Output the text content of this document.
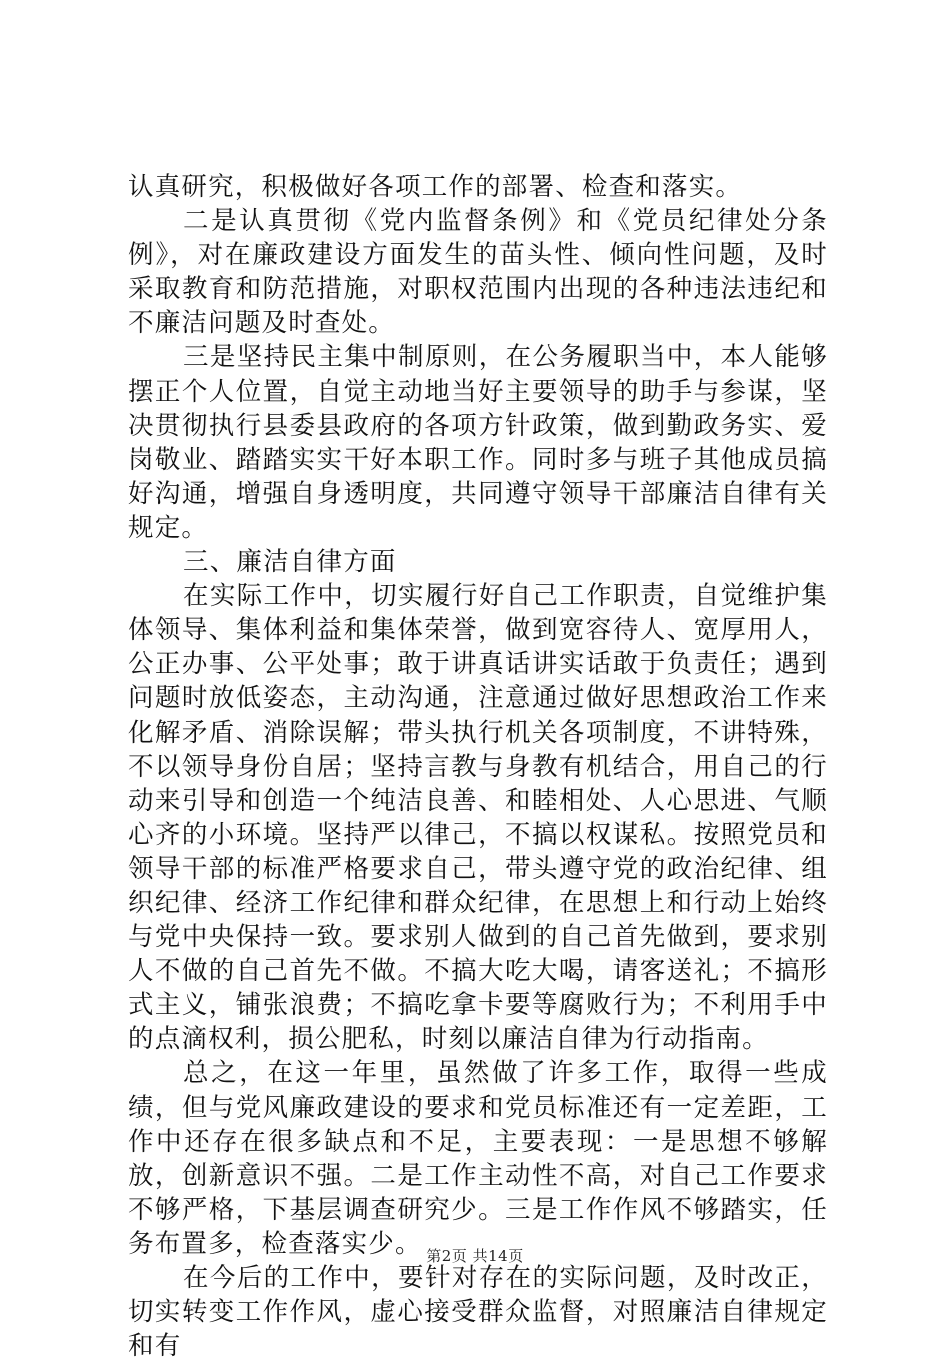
认真研究，积极做好各项工作的部署、检查和落实。

二是认真贯彻《党内监督条例》和《党员纪律处分条例》，对在廉政建设方面发生的苗头性、倾向性问题，及时采取教育和防范措施，对职权范围内出现的各种违法违纪和不廉洁问题及时查处。

三是坚持民主集中制原则，在公务履职当中，本人能够摆正个人位置，自觉主动地当好主要领导的助手与参谋，坚决贯彻执行县委县政府的各项方针政策，做到勤政务实、爱岗敬业、踏踏实实干好本职工作。同时多与班子其他成员搞好沟通，增强自身透明度，共同遵守领导干部廉洁自律有关规定。

三、廉洁自律方面

在实际工作中，切实履行好自己工作职责，自觉维护集体领导、集体利益和集体荣誉，做到宽容待人、宽厚用人，公正办事、公平处事；敢于讲真话讲实话敢于负责任；遇到问题时放低姿态，主动沟通，注意通过做好思想政治工作来化解矛盾、消除误解；带头执行机关各项制度，不讲特殊，不以领导身份自居；坚持言教与身教有机结合，用自己的行动来引导和创造一个纯洁良善、和睦相处、人心思进、气顺心齐的小环境。坚持严以律己，不搞以权谋私。按照党员和领导干部的标准严格要求自己，带头遵守党的政治纪律、组织纪律、经济工作纪律和群众纪律，在思想上和行动上始终与党中央保持一致。要求别人做到的自己首先做到，要求别人不做的自己首先不做。不搞大吃大喝，请客送礼；不搞形式主义，铺张浪费；不搞吃拿卡要等腐败行为；不利用手中的点滴权利，损公肥私，时刻以廉洁自律为行动指南。

总之，在这一年里，虽然做了许多工作，取得一些成绩，但与党风廉政建设的要求和党员标准还有一定差距，工作中还存在很多缺点和不足，主要表现：一是思想不够解放，创新意识不强。二是工作主动性不高，对自己工作要求不够严格，下基层调查研究少。三是工作作风不够踏实，任务布置多，检查落实少。

在今后的工作中，要针对存在的实际问题，及时改正，切实转变工作作风，虚心接受群众监督，对照廉洁自律规定和有

第2页 共14页
